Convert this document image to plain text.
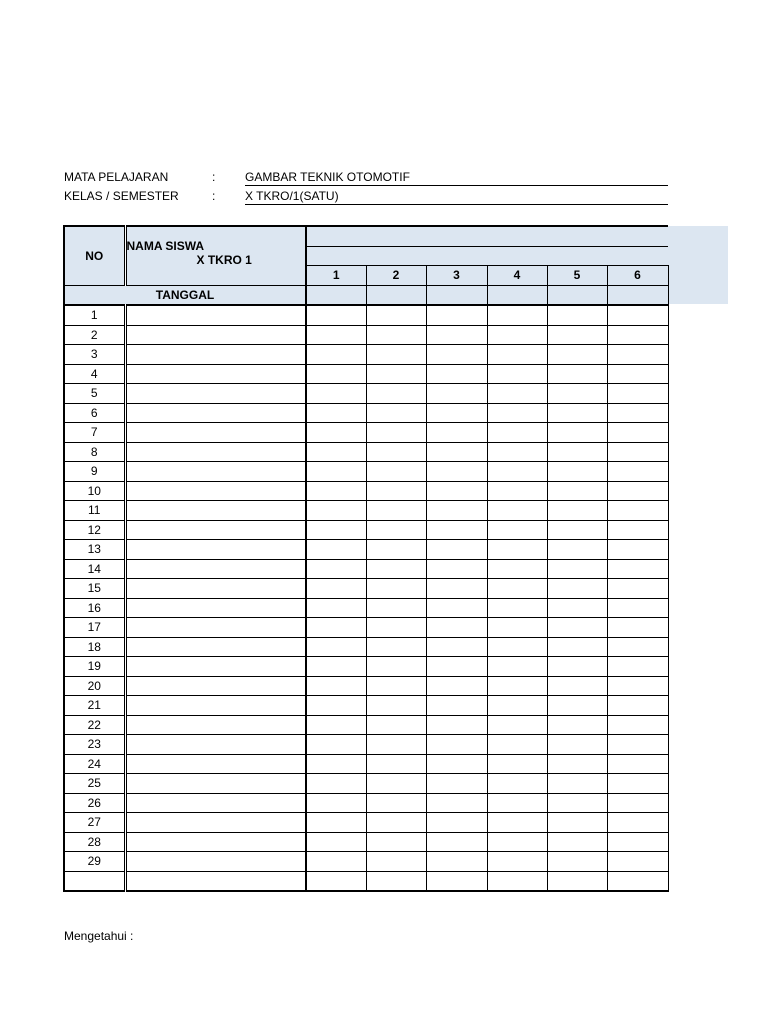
MATA PELAJARAN	: GAMBAR TEKNIK OTOMOTIF
KELAS / SEMESTER	: X TKRO/1(SATU)
NO	NAMA SISWA
X TKRO 1						

		1	2	3	4	5	6
TANGGAL							
1							
2							
3							
4							
5							
6							
7							
8							
9							
10							
11							
12							
13							
14							
15							
16							
17							
18							
19							
20							
21							
22							
23							
24							
25							
26							
27							
28							
29							

Mengetahui :
